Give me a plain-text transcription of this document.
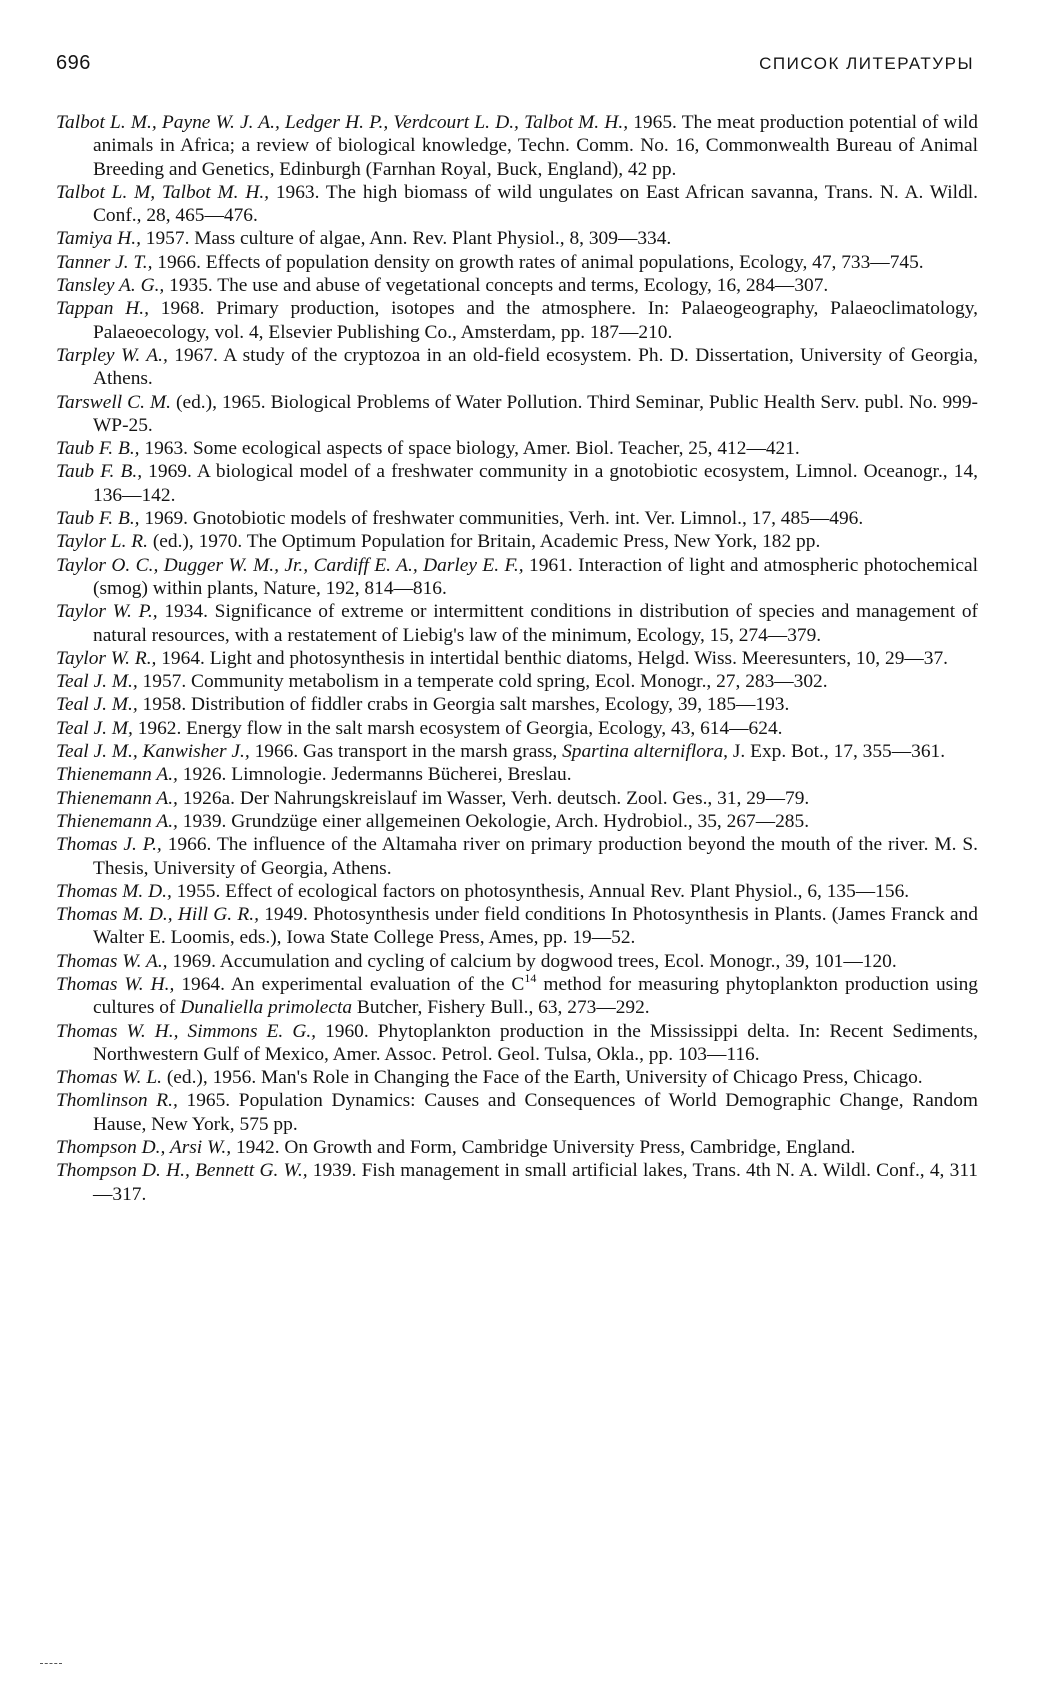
696	СПИСОК ЛИТЕРАТУРЫ

Talbot L. M., Payne W. J. A., Ledger H. P., Verdcourt L. D., Talbot M. H., 1965. The meat production potential of wild animals in Africa; a review of biological knowledge, Techn. Comm. No. 16, Commonwealth Bureau of Animal Breeding and Genetics, Edinburgh (Farnhan Royal, Buck, England), 42 pp.

Talbot L. M, Talbot M. H., 1963. The high biomass of wild ungulates on East African savanna, Trans. N. A. Wildl. Conf., 28, 465—476.

Tamiya H., 1957. Mass culture of algae, Ann. Rev. Plant Physiol., 8, 309—334.

Tanner J. T., 1966. Effects of population density on growth rates of animal populations, Ecology, 47, 733—745.

Tansley A. G., 1935. The use and abuse of vegetational concepts and terms, Ecology, 16, 284—307.

Tappan H., 1968. Primary production, isotopes and the atmosphere. In: Palaeogeography, Palaeoclimatology, Palaeoecology, vol. 4, Elsevier Publishing Co., Amsterdam, pp. 187—210.

Tarpley W. A., 1967. A study of the cryptozoa in an old-field ecosystem. Ph. D. Dissertation, University of Georgia, Athens.

Tarswell C. M. (ed.), 1965. Biological Problems of Water Pollution. Third Seminar, Public Health Serv. publ. No. 999-WP-25.

Taub F. B., 1963. Some ecological aspects of space biology, Amer. Biol. Teacher, 25, 412—421.

Taub F. B., 1969. A biological model of a freshwater community in a gnotobiotic ecosystem, Limnol. Oceanogr., 14, 136—142.

Taub F. B., 1969. Gnotobiotic models of freshwater communities, Verh. int. Ver. Limnol., 17, 485—496.

Taylor L. R. (ed.), 1970. The Optimum Population for Britain, Academic Press, New York, 182 pp.

Taylor O. C., Dugger W. M., Jr., Cardiff E. A., Darley E. F., 1961. Interaction of light and atmospheric photochemical (smog) within plants, Nature, 192, 814—816.

Taylor W. P., 1934. Significance of extreme or intermittent conditions in distribution of species and management of natural resources, with a restatement of Liebig's law of the minimum, Ecology, 15, 274—379.

Taylor W. R., 1964. Light and photosynthesis in intertidal benthic diatoms, Helgd. Wiss. Meeresunters, 10, 29—37.

Teal J. M., 1957. Community metabolism in a temperate cold spring, Ecol. Monogr., 27, 283—302.

Teal J. M., 1958. Distribution of fiddler crabs in Georgia salt marshes, Ecology, 39, 185—193.

Teal J. M, 1962. Energy flow in the salt marsh ecosystem of Georgia, Ecology, 43, 614—624.

Teal J. M., Kanwisher J., 1966. Gas transport in the marsh grass, Spartina alterniflora, J. Exp. Bot., 17, 355—361.

Thienemann A., 1926. Limnologie. Jedermanns Bücherei, Breslau.

Thienemann A., 1926a. Der Nahrungskreislauf im Wasser, Verh. deutsch. Zool. Ges., 31, 29—79.

Thienemann A., 1939. Grundzüge einer allgemeinen Oekologie, Arch. Hydrobiol., 35, 267—285.

Thomas J. P., 1966. The influence of the Altamaha river on primary production beyond the mouth of the river. M. S. Thesis, University of Georgia, Athens.

Thomas M. D., 1955. Effect of ecological factors on photosynthesis, Annual Rev. Plant Physiol., 6, 135—156.

Thomas M. D., Hill G. R., 1949. Photosynthesis under field conditions In Photosynthesis in Plants. (James Franck and Walter E. Loomis, eds.), Iowa State College Press, Ames, pp. 19—52.

Thomas W. A., 1969. Accumulation and cycling of calcium by dogwood trees, Ecol. Monogr., 39, 101—120.

Thomas W. H., 1964. An experimental evaluation of the $C^{14}$ method for measuring phytoplankton production using cultures of Dunaliella primolecta Butcher, Fishery Bull., 63, 273—292.

Thomas W. H., Simmons E. G., 1960. Phytoplankton production in the Mississippi delta. In: Recent Sediments, Northwestern Gulf of Mexico, Amer. Assoc. Petrol. Geol. Tulsa, Okla., pp. 103—116.

Thomas W. L. (ed.), 1956. Man's Role in Changing the Face of the Earth, University of Chicago Press, Chicago.

Thomlinson R., 1965. Population Dynamics: Causes and Consequences of World Demographic Change, Random Hause, New York, 575 pp.

Thompson D., Arsi W., 1942. On Growth and Form, Cambridge University Press, Cambridge, England.

Thompson D. H., Bennett G. W., 1939. Fish management in small artificial lakes, Trans. 4th N. A. Wildl. Conf., 4, 311—317.
